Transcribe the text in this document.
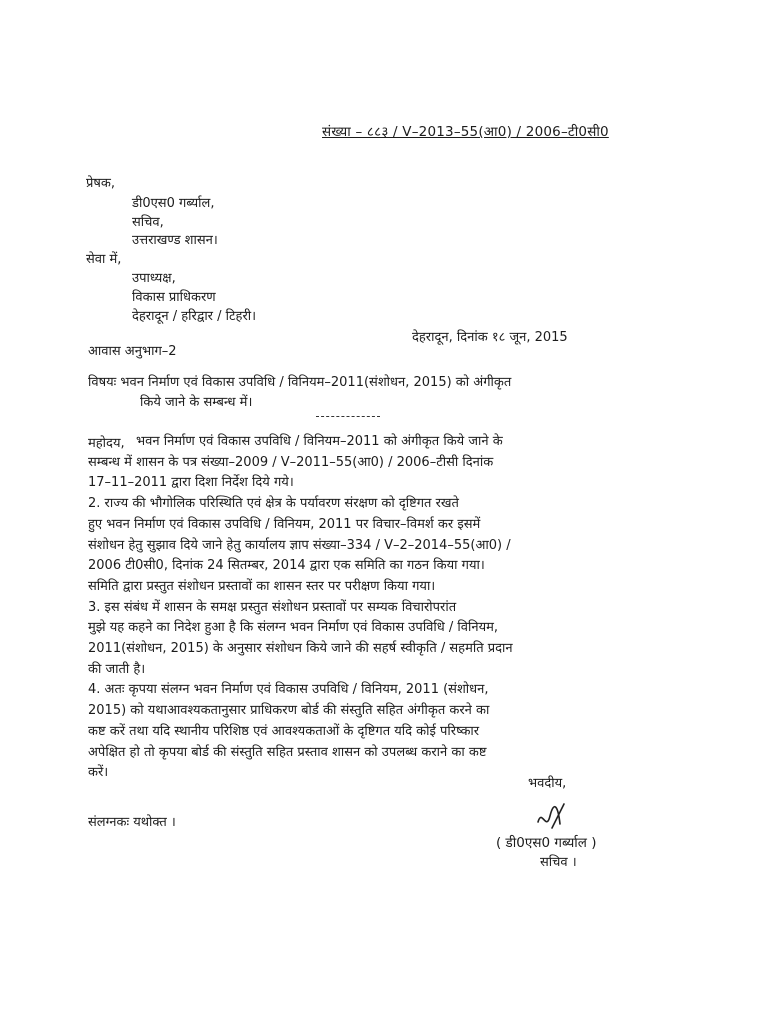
संख्या – ८८३ / V–2013–55(आ0) / 2006–टी0सी0
प्रेषक,
डी0एस0 गर्ब्याल,
सचिव,
उत्तराखण्ड शासन।
सेवा में,
उपाध्यक्ष,
विकास प्राधिकरण
देहरादून / हरिद्वार / टिहरी।
देहरादून, दिनांक १८ जून, 2015
आवास अनुभाग–2
विषयः भवन निर्माण एवं विकास उपविधि / विनियम–2011(संशोधन, 2015) को अंगीकृत
किये जाने के सम्बन्ध में।
महोदय, भवन निर्माण एवं विकास उपविधि / विनियम–2011 को अंगीकृत किये जाने के
सम्बन्ध में शासन के पत्र संख्या–2009 / V–2011–55(आ0) / 2006–टीसी दिनांक
17–11–2011 द्वारा दिशा निर्देश दिये गये।
2. राज्य की भौगोलिक परिस्थिति एवं क्षेत्र के पर्यावरण संरक्षण को दृष्टिगत रखते
हुए भवन निर्माण एवं विकास उपविधि / विनियम, 2011 पर विचार–विमर्श कर इसमें
संशोधन हेतु सुझाव दिये जाने हेतु कार्यालय ज्ञाप संख्या–334 / V–2–2014–55(आ0) /
2006 टी0सी0, दिनांक 24 सितम्बर, 2014 द्वारा एक समिति का गठन किया गया।
समिति द्वारा प्रस्तुत संशोधन प्रस्तावों का शासन स्तर पर परीक्षण किया गया।
3. इस संबंध में शासन के समक्ष प्रस्तुत संशोधन प्रस्तावों पर सम्यक विचारोपरांत
मुझे यह कहने का निदेश हुआ है कि संलग्न भवन निर्माण एवं विकास उपविधि / विनियम,
2011(संशोधन, 2015) के अनुसार संशोधन किये जाने की सहर्ष स्वीकृति / सहमति प्रदान
की जाती है।
4. अतः कृपया संलग्न भवन निर्माण एवं विकास उपविधि / विनियम, 2011 (संशोधन,
2015) को यथाआवश्यकतानुसार प्राधिकरण बोर्ड की संस्तुति सहित अंगीकृत करने का
कष्ट करें तथा यदि स्थानीय परिशिष्ठ एवं आवश्यकताओं के दृष्टिगत यदि कोई परिष्कार
अपेक्षित हो तो कृपया बोर्ड की संस्तुति सहित प्रस्ताव शासन को उपलब्ध कराने का कष्ट
करें।
भवदीय,
संलग्नकः यथोक्त ।
( डी0एस0 गर्ब्याल )
सचिव ।
